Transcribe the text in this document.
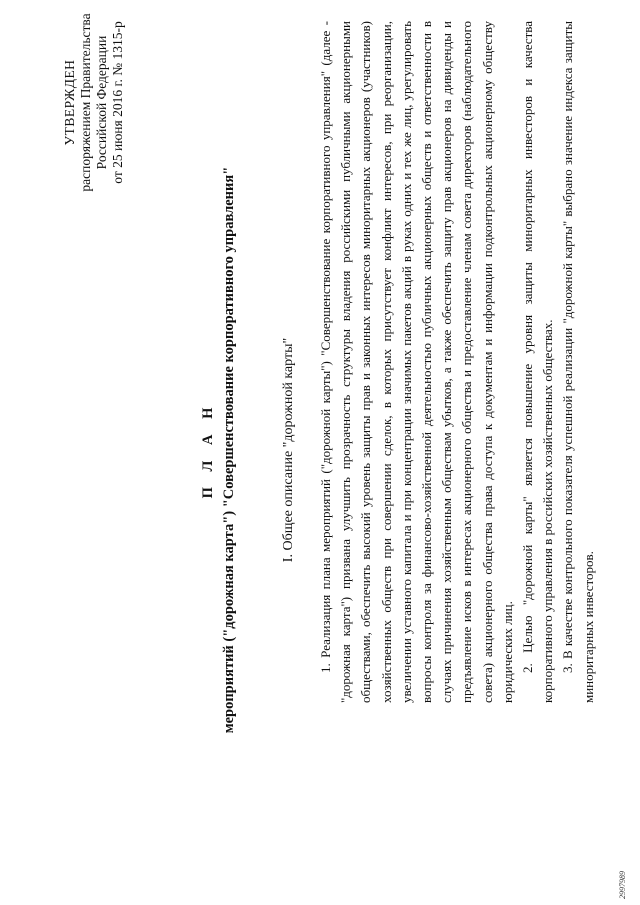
УТВЕРЖДЕН распоряжением Правительства Российской Федерации от 25 июня 2016 г. № 1315-р
П Л А Н мероприятий ("дорожная карта") "Совершенствование корпоративного управления"	I. Общее описание "дорожной карты" 1. Реализация плана мероприятий ("дорожной карты") "Совершенствование корпоративного управления" (далее - "дорожная карта") призвана улучшить прозрачность структуры владения российскими публичными акционерными обществами, обеспечить высокий уровень защиты прав и законных интересов миноритарных акционеров (участников) хозяйственных обществ при совершении сделок, в которых присутствует конфликт интересов, при реорганизации, увеличении уставного капитала и при концентрации значимых пакетов акций в руках одних и тех же лиц, урегулировать вопросы контроля за финансово-хозяйственной деятельностью публичных акционерных обществ и ответственности в случаях причинения хозяйственным обществам убытков, а также обеспечить защиту прав акционеров на дивиденды и предъявление исков в интересах акционерного общества и предоставление членам совета директоров (наблюдательного совета) акционерного общества права доступа к документам и информации подконтрольных акционерному обществу юридических лиц. 2. Целью "дорожной карты" является повышение уровня защиты миноритарных инвесторов и качества корпоративного управления в российских хозяйственных обществах. 3. В качестве контрольного показателя успешной реализации "дорожной карты" выбрано значение индекса защиты миноритарных инвесторов.

2997989
